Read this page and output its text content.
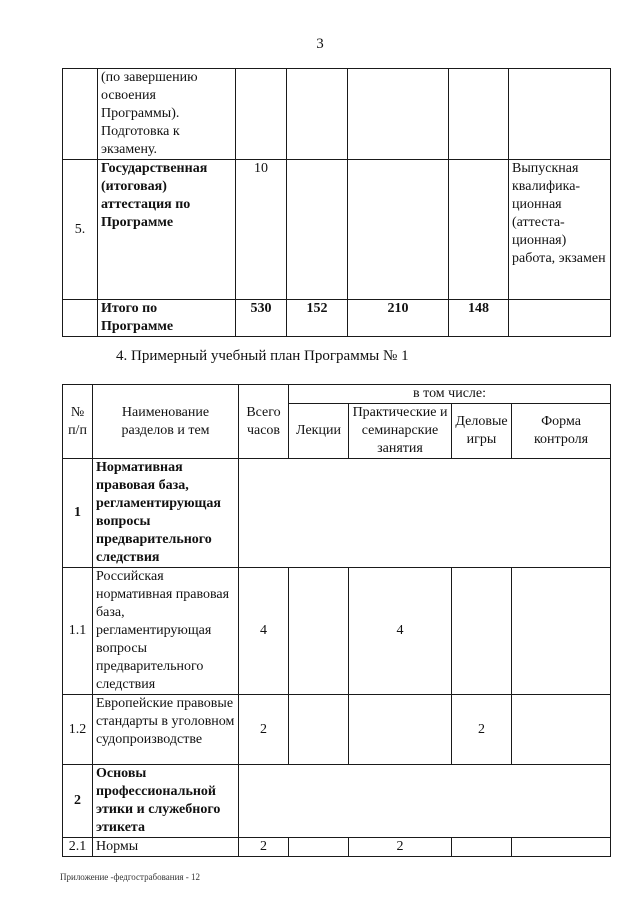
3
	(по завершению освоения Программы). Подготовка к экзамену.					
5.	Государственная (итоговая) аттестация по Программе	10				Выпускная квалифика-ционная (аттеста-ционная) работа, экзамен
	Итого по Программе	530	152	210	148	
4. Примерный учебный план Программы № 1
№ п/п	Наименование разделов и тем	Всего часов	в том числе:			
			Лекции	Практические и семинарские занятия	Деловые игры	Форма контроля
1	Нормативная правовая база, регламентирующая вопросы предварительного следствия					
1.1	Российская нормативная правовая база, регламентирующая вопросы предварительного следствия	4		4		
1.2	Европейские правовые стандарты в уголовном судопроизводстве	2			2	
2	Основы профессиональной этики и служебного этикета					
2.1	Нормы	2		2		
Приложение -федгострабования - 12
